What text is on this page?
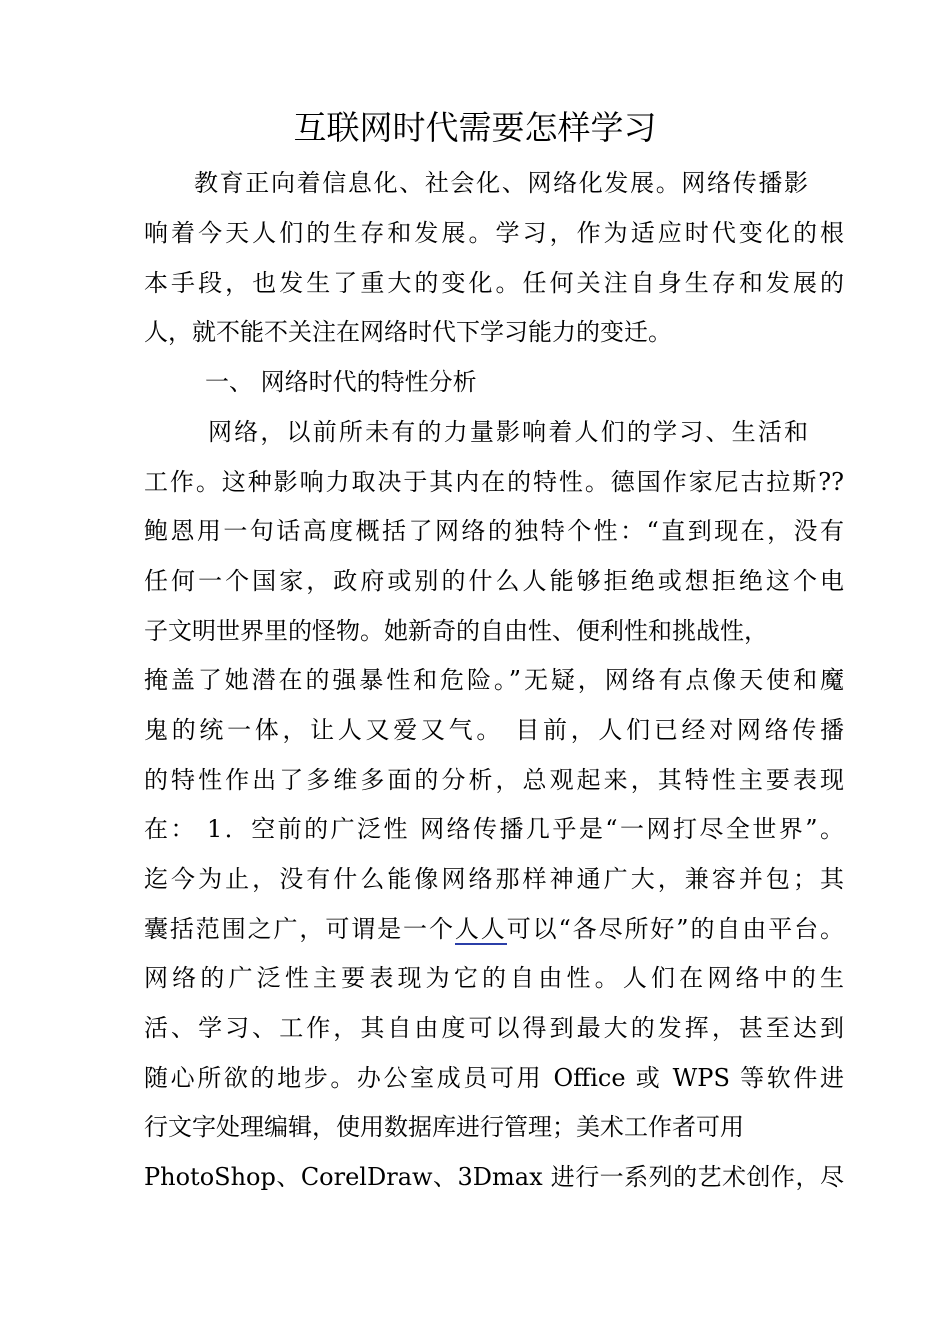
互联网时代需要怎样学习
教育正向着信息化、社会化、网络化发展。网络传播影
响着今天人们的生存和发展。学习，作为适应时代变化的根
本手段，也发生了重大的变化。任何关注自身生存和发展的
人，就不能不关注在网络时代下学习能力的变迁。
一、 网络时代的特性分析
网络，以前所未有的力量影响着人们的学习、生活和
工作。这种影响力取决于其内在的特性。德国作家尼古拉斯??
鲍恩用一句话高度概括了网络的独特个性：“直到现在，没有
任何一个国家，政府或别的什么人能够拒绝或想拒绝这个电
子文明世界里的怪物。她新奇的自由性、便利性和挑战性，
掩盖了她潜在的强暴性和危险。”无疑，网络有点像天使和魔
鬼的统一体，让人又爱又气。 目前，人们已经对网络传播
的特性作出了多维多面的分析，总观起来，其特性主要表现
在： 1．空前的广泛性 网络传播几乎是“一网打尽全世界”。
迄今为止，没有什么能像网络那样神通广大，兼容并包；其
囊括范围之广，可谓是一个人人可以“各尽所好”的自由平台。
网络的广泛性主要表现为它的自由性。人们在网络中的生
活、学习、工作，其自由度可以得到最大的发挥，甚至达到
随心所欲的地步。办公室成员可用 Office 或 WPS 等软件进
行文字处理编辑，使用数据库进行管理；美术工作者可用
PhotoShop、CorelDraw、3Dmax 进行一系列的艺术创作，尽
